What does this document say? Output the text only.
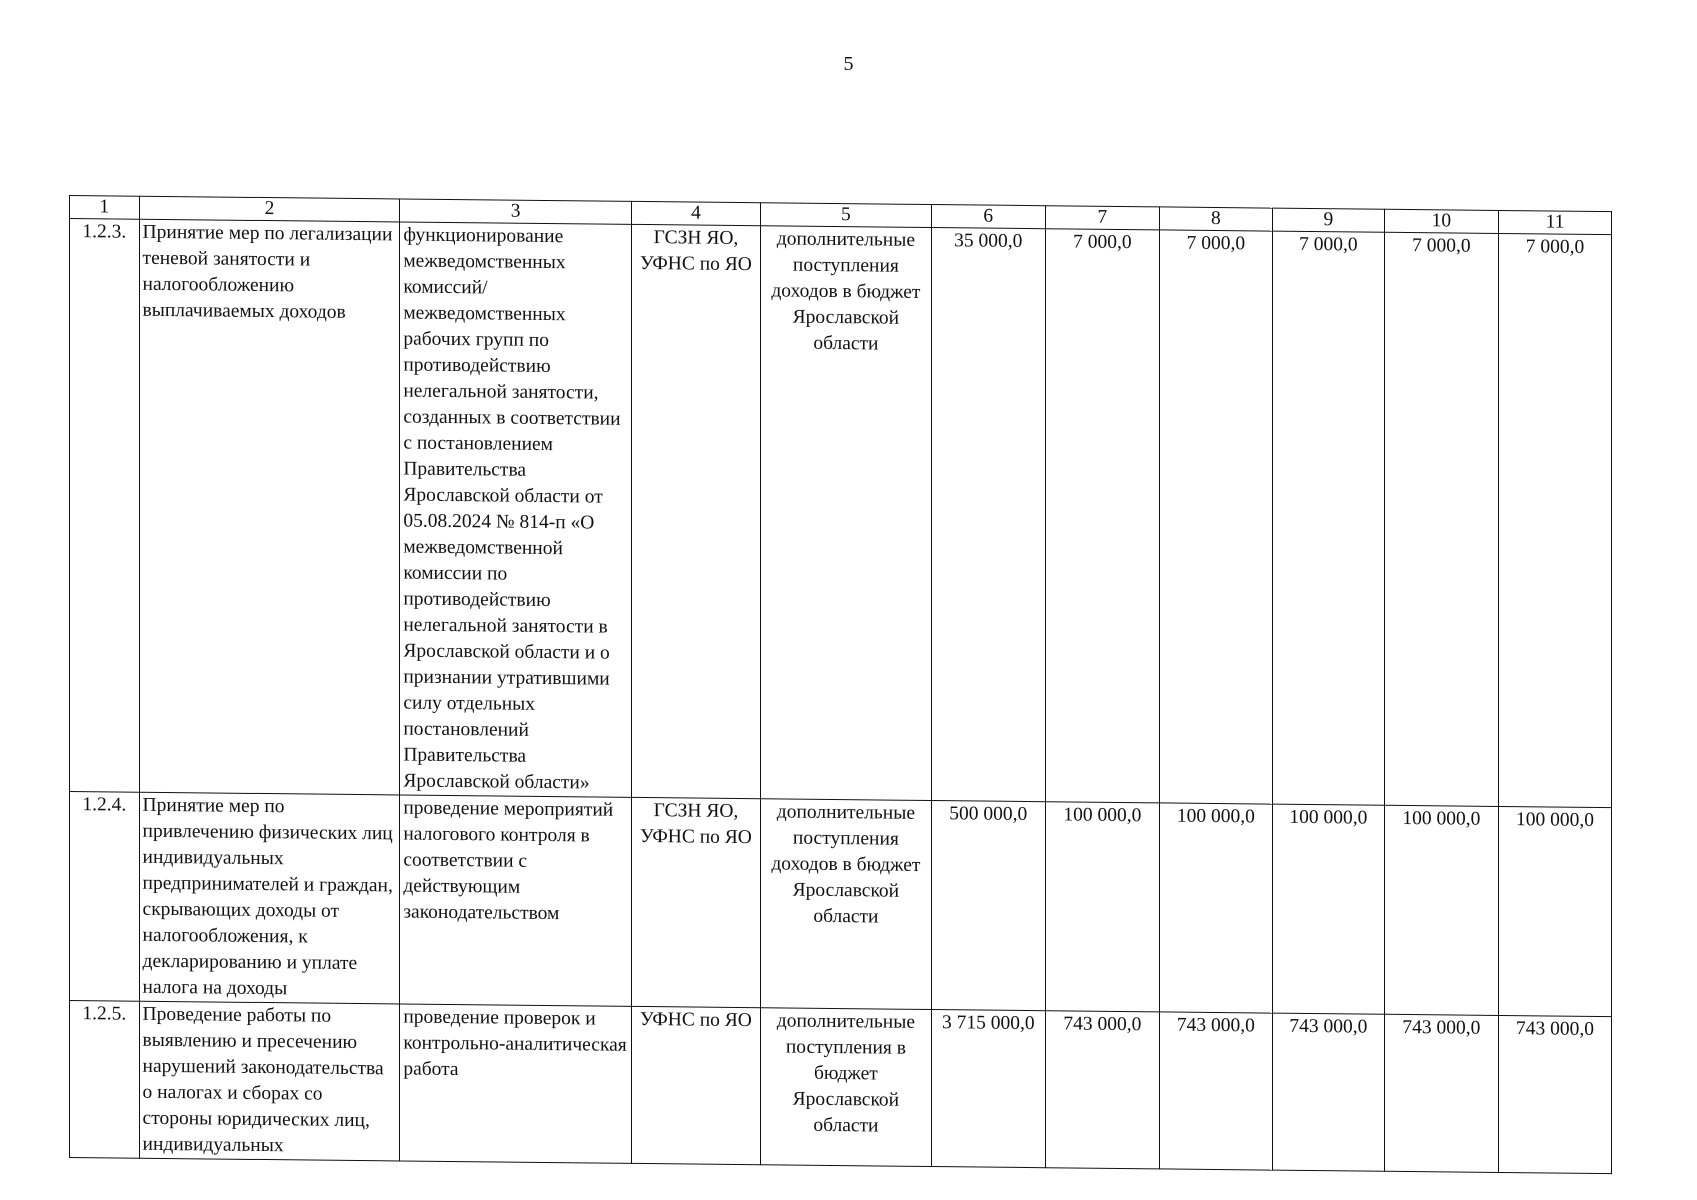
5
1	2	3	4	5	6	7	8	9	10	11
1.2.3.	Принятие мер по легализации теневой занятости и налогообложению выплачиваемых доходов	функционирование межведомственных комиссий/межведомственных рабочих групп по противодействию нелегальной занятости, созданных в соответствии с постановлением Правительства Ярославской области от 05.08.2024 № 814-п «О межведомственной комиссии по противодействию нелегальной занятости в Ярославской области и о признании утратившими силу отдельных постановлений Правительства Ярославской области»	ГСЗН ЯО, УФНС по ЯО	дополнительные поступления доходов в бюджет Ярославской области	35 000,0	7 000,0	7 000,0	7 000,0	7 000,0	7 000,0
1.2.4.	Принятие мер по привлечению физических лиц индивидуальных предпринимателей и граждан, скрывающих доходы от налогообложения, к декларированию и уплате налога на доходы	проведение мероприятий налогового контроля в соответствии с действующим законодательством	ГСЗН ЯО, УФНС по ЯО	дополнительные поступления доходов в бюджет Ярославской области	500 000,0	100 000,0	100 000,0	100 000,0	100 000,0	100 000,0
1.2.5.	Проведение работы по выявлению и пресечению нарушений законодательства о налогах и сборах со стороны юридических лиц, индивидуальных	проведение проверок и контрольно-аналитическая работа	УФНС по ЯО	дополнительные поступления в бюджет Ярославской области	3 715 000,0	743 000,0	743 000,0	743 000,0	743 000,0	743 000,0
